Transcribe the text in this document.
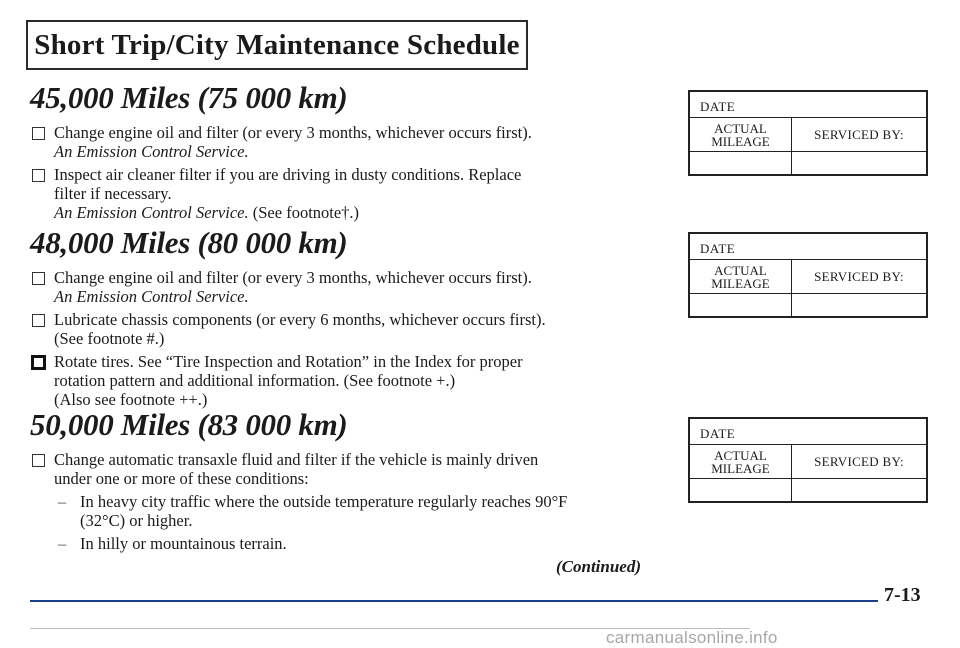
Short Trip/City Maintenance Schedule
45,000 Miles (75 000 km)
Change engine oil and filter (or every 3 months, whichever occurs first).
An Emission Control Service.
Inspect air cleaner filter if you are driving in dusty conditions. Replace
filter if necessary.
An Emission Control Service. (See footnote†.)
48,000 Miles (80 000 km)
Change engine oil and filter (or every 3 months, whichever occurs first).
An Emission Control Service.
Lubricate chassis components (or every 6 months, whichever occurs first).
(See footnote #.)
Rotate tires. See “Tire Inspection and Rotation” in the Index for proper
rotation pattern and additional information. (See footnote +.)
(Also see footnote ++.)
50,000 Miles (83 000 km)
Change automatic transaxle fluid and filter if the vehicle is mainly driven
under one or more of these conditions:
– In heavy city traffic where the outside temperature regularly reaches 90°F
(32°C) or higher.
– In hilly or mountainous terrain.
DATE
ACTUAL
MILEAGE	SERVICED BY:
DATE
ACTUAL
MILEAGE	SERVICED BY:
DATE
ACTUAL
MILEAGE	SERVICED BY:
(Continued)
7-13
carmanualsonline.info
